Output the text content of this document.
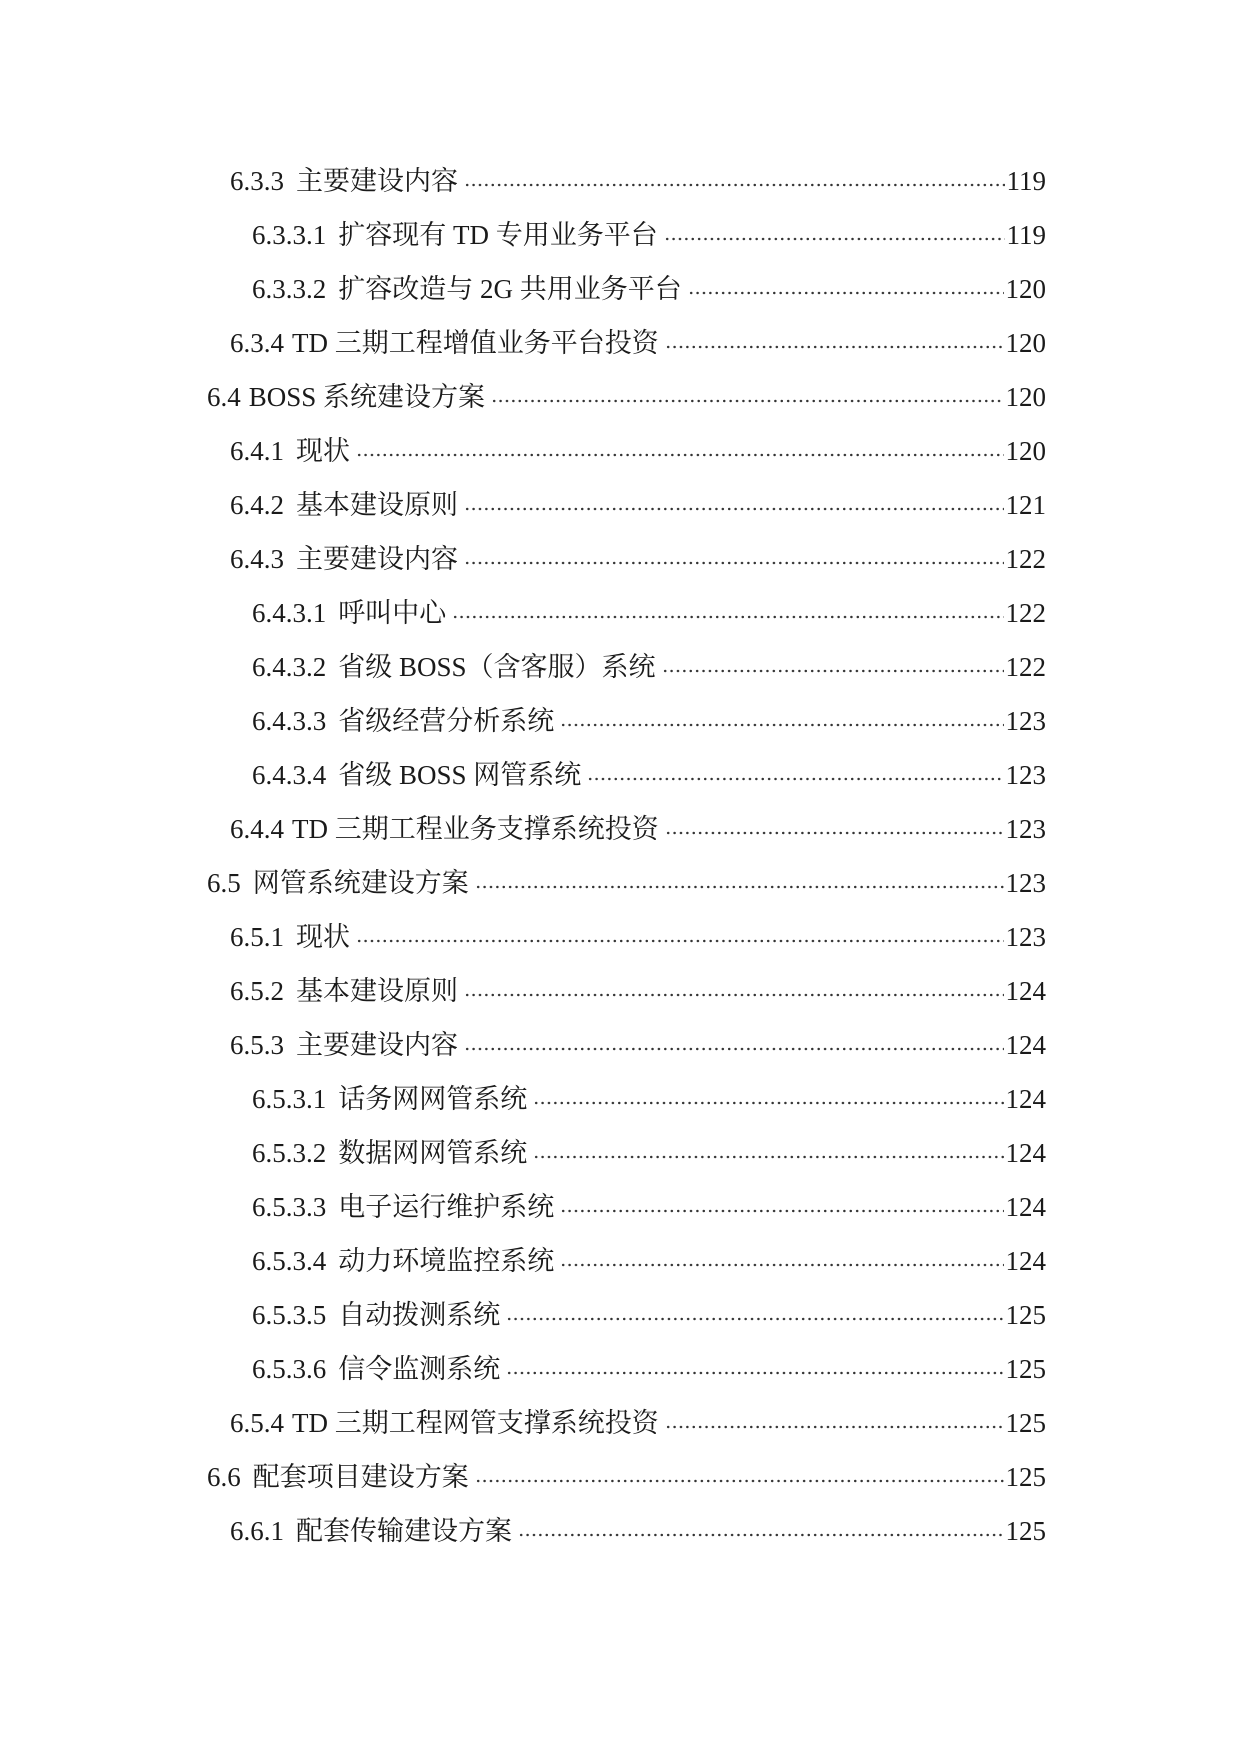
6.3.3 主要建设内容	119
6.3.3.1 扩容现有 TD 专用业务平台	119
6.3.3.2 扩容改造与 2G 共用业务平台	120
6.3.4 TD 三期工程增值业务平台投资	120
6.4 BOSS 系统建设方案	120
6.4.1 现状	120
6.4.2 基本建设原则	121
6.4.3 主要建设内容	122
6.4.3.1 呼叫中心	122
6.4.3.2 省级 BOSS（含客服）系统	122
6.4.3.3 省级经营分析系统	123
6.4.3.4 省级 BOSS 网管系统	123
6.4.4 TD 三期工程业务支撑系统投资	123
6.5 网管系统建设方案	123
6.5.1 现状	123
6.5.2 基本建设原则	124
6.5.3 主要建设内容	124
6.5.3.1 话务网网管系统	124
6.5.3.2 数据网网管系统	124
6.5.3.3 电子运行维护系统	124
6.5.3.4 动力环境监控系统	124
6.5.3.5 自动拨测系统	125
6.5.3.6 信令监测系统	125
6.5.4 TD 三期工程网管支撑系统投资	125
6.6 配套项目建设方案	125
6.6.1 配套传输建设方案	125
